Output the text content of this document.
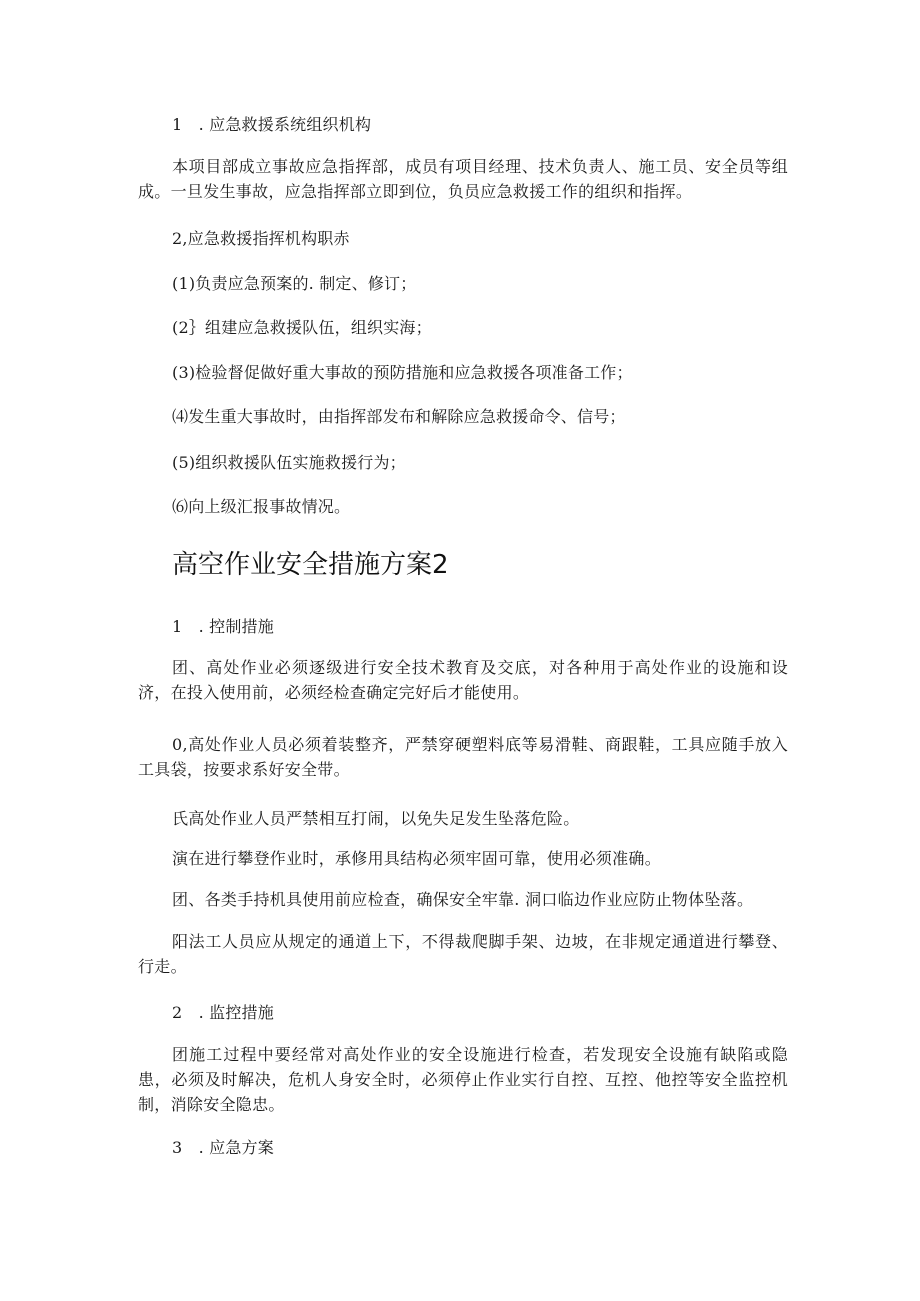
1　. 应急救援系统组织机构
本项目部成立事故应急指挥部，成员有项目经理、技术负责人、施工员、安全员等组成。一旦发生事故，应急指挥部立即到位，负员应急救援工作的组织和指挥。
2,应急救援指挥机构职赤
(1)负责应急预案的. 制定、修订；
(2｝组建应急救援队伍，组织实海；
(3)检验督促做好重大事故的预防措施和应急救援各项准备工作；
⑷发生重大事故时，由指挥部发布和解除应急救援命令、信号；
(5)组织救援队伍实施救援行为；
⑹向上级汇报事故情况。
高空作业安全措施方案2
1　. 控制措施
团、高处作业必须逐级进行安全技术教育及交底，对各种用于高处作业的设施和设济，在投入使用前，必须经检查确定完好后才能使用。
0,高处作业人员必须着装整齐，严禁穿硬塑料底等易滑鞋、商跟鞋，工具应随手放入工具袋，按要求系好安全带。
氏高处作业人员严禁相互打闹，以免失足发生坠落危险。
演在进行攀登作业时，承修用具结构必须牢固可靠，使用必须准确。
团、各类手持机具使用前应检查，确保安全牢靠. 洞口临边作业应防止物体坠落。
阳法工人员应从规定的通道上下，不得裁爬脚手架、边坡，在非规定通道进行攀登、行走。
2　. 监控措施
团施工过程中要经常对高处作业的安全设施进行检查，若发现安全设施有缺陷或隐患，必须及时解决，危机人身安全时，必须停止作业实行自控、互控、他控等安全监控机制，消除安全隐忠。
3　. 应急方案
